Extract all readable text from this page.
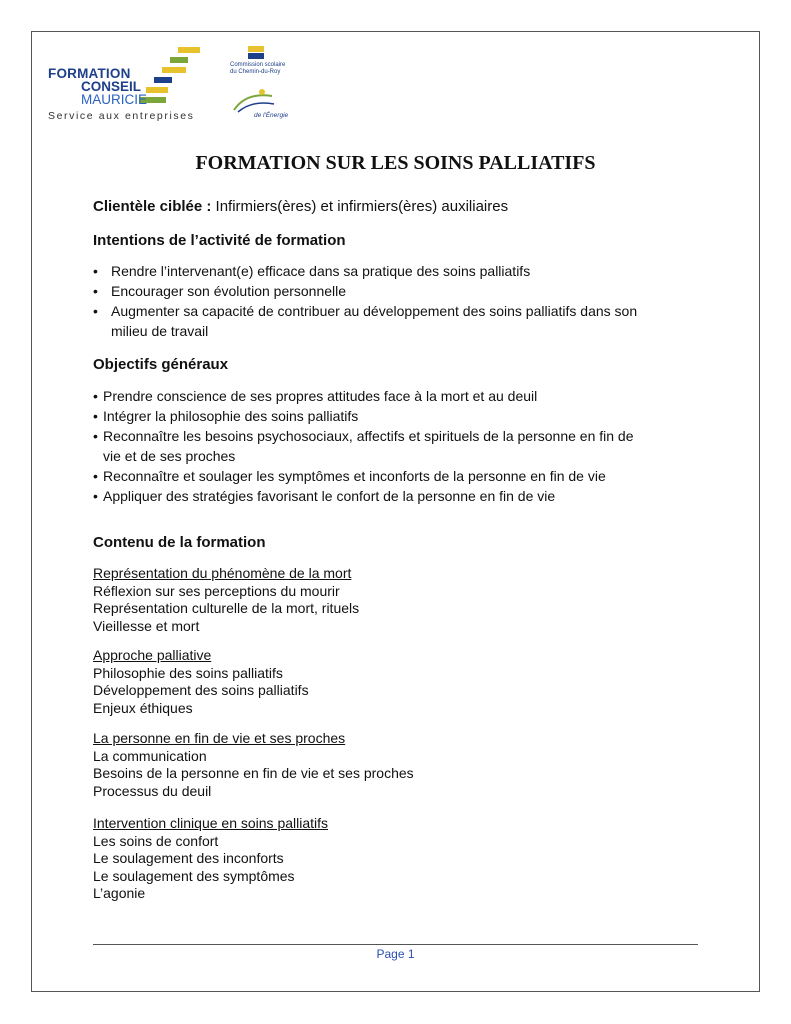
FORMATION
CONSEIL
MAURICIE
Service aux entreprises
Commission scolaire
du Chemin-du-Roy
de l'Énergie
FORMATION SUR LES SOINS PALLIATIFS
Clientèle ciblée : Infirmiers(ères) et infirmiers(ères) auxiliaires
Intentions de l’activité de formation
• Rendre l’intervenant(e) efficace dans sa pratique des soins palliatifs
• Encourager son évolution personnelle
• Augmenter sa capacité de contribuer au développement des soins palliatifs dans son
milieu de travail
Objectifs généraux
• Prendre conscience de ses propres attitudes face à la mort et au deuil
• Intégrer la philosophie des soins palliatifs
• Reconnaître les besoins psychosociaux, affectifs et spirituels de la personne en fin de
vie et de ses proches
• Reconnaître et soulager les symptômes et inconforts de la personne en fin de vie
• Appliquer des stratégies favorisant le confort de la personne en fin de vie
Contenu de la formation
Représentation du phénomène de la mort
Réflexion sur ses perceptions du mourir
Représentation culturelle de la mort, rituels
Vieillesse et mort
Approche palliative
Philosophie des soins palliatifs
Développement des soins palliatifs
Enjeux éthiques
La personne en fin de vie et ses proches
La communication
Besoins de la personne en fin de vie et ses proches
Processus du deuil
Intervention clinique en soins palliatifs
Les soins de confort
Le soulagement des inconforts
Le soulagement des symptômes
L’agonie
Page 1
